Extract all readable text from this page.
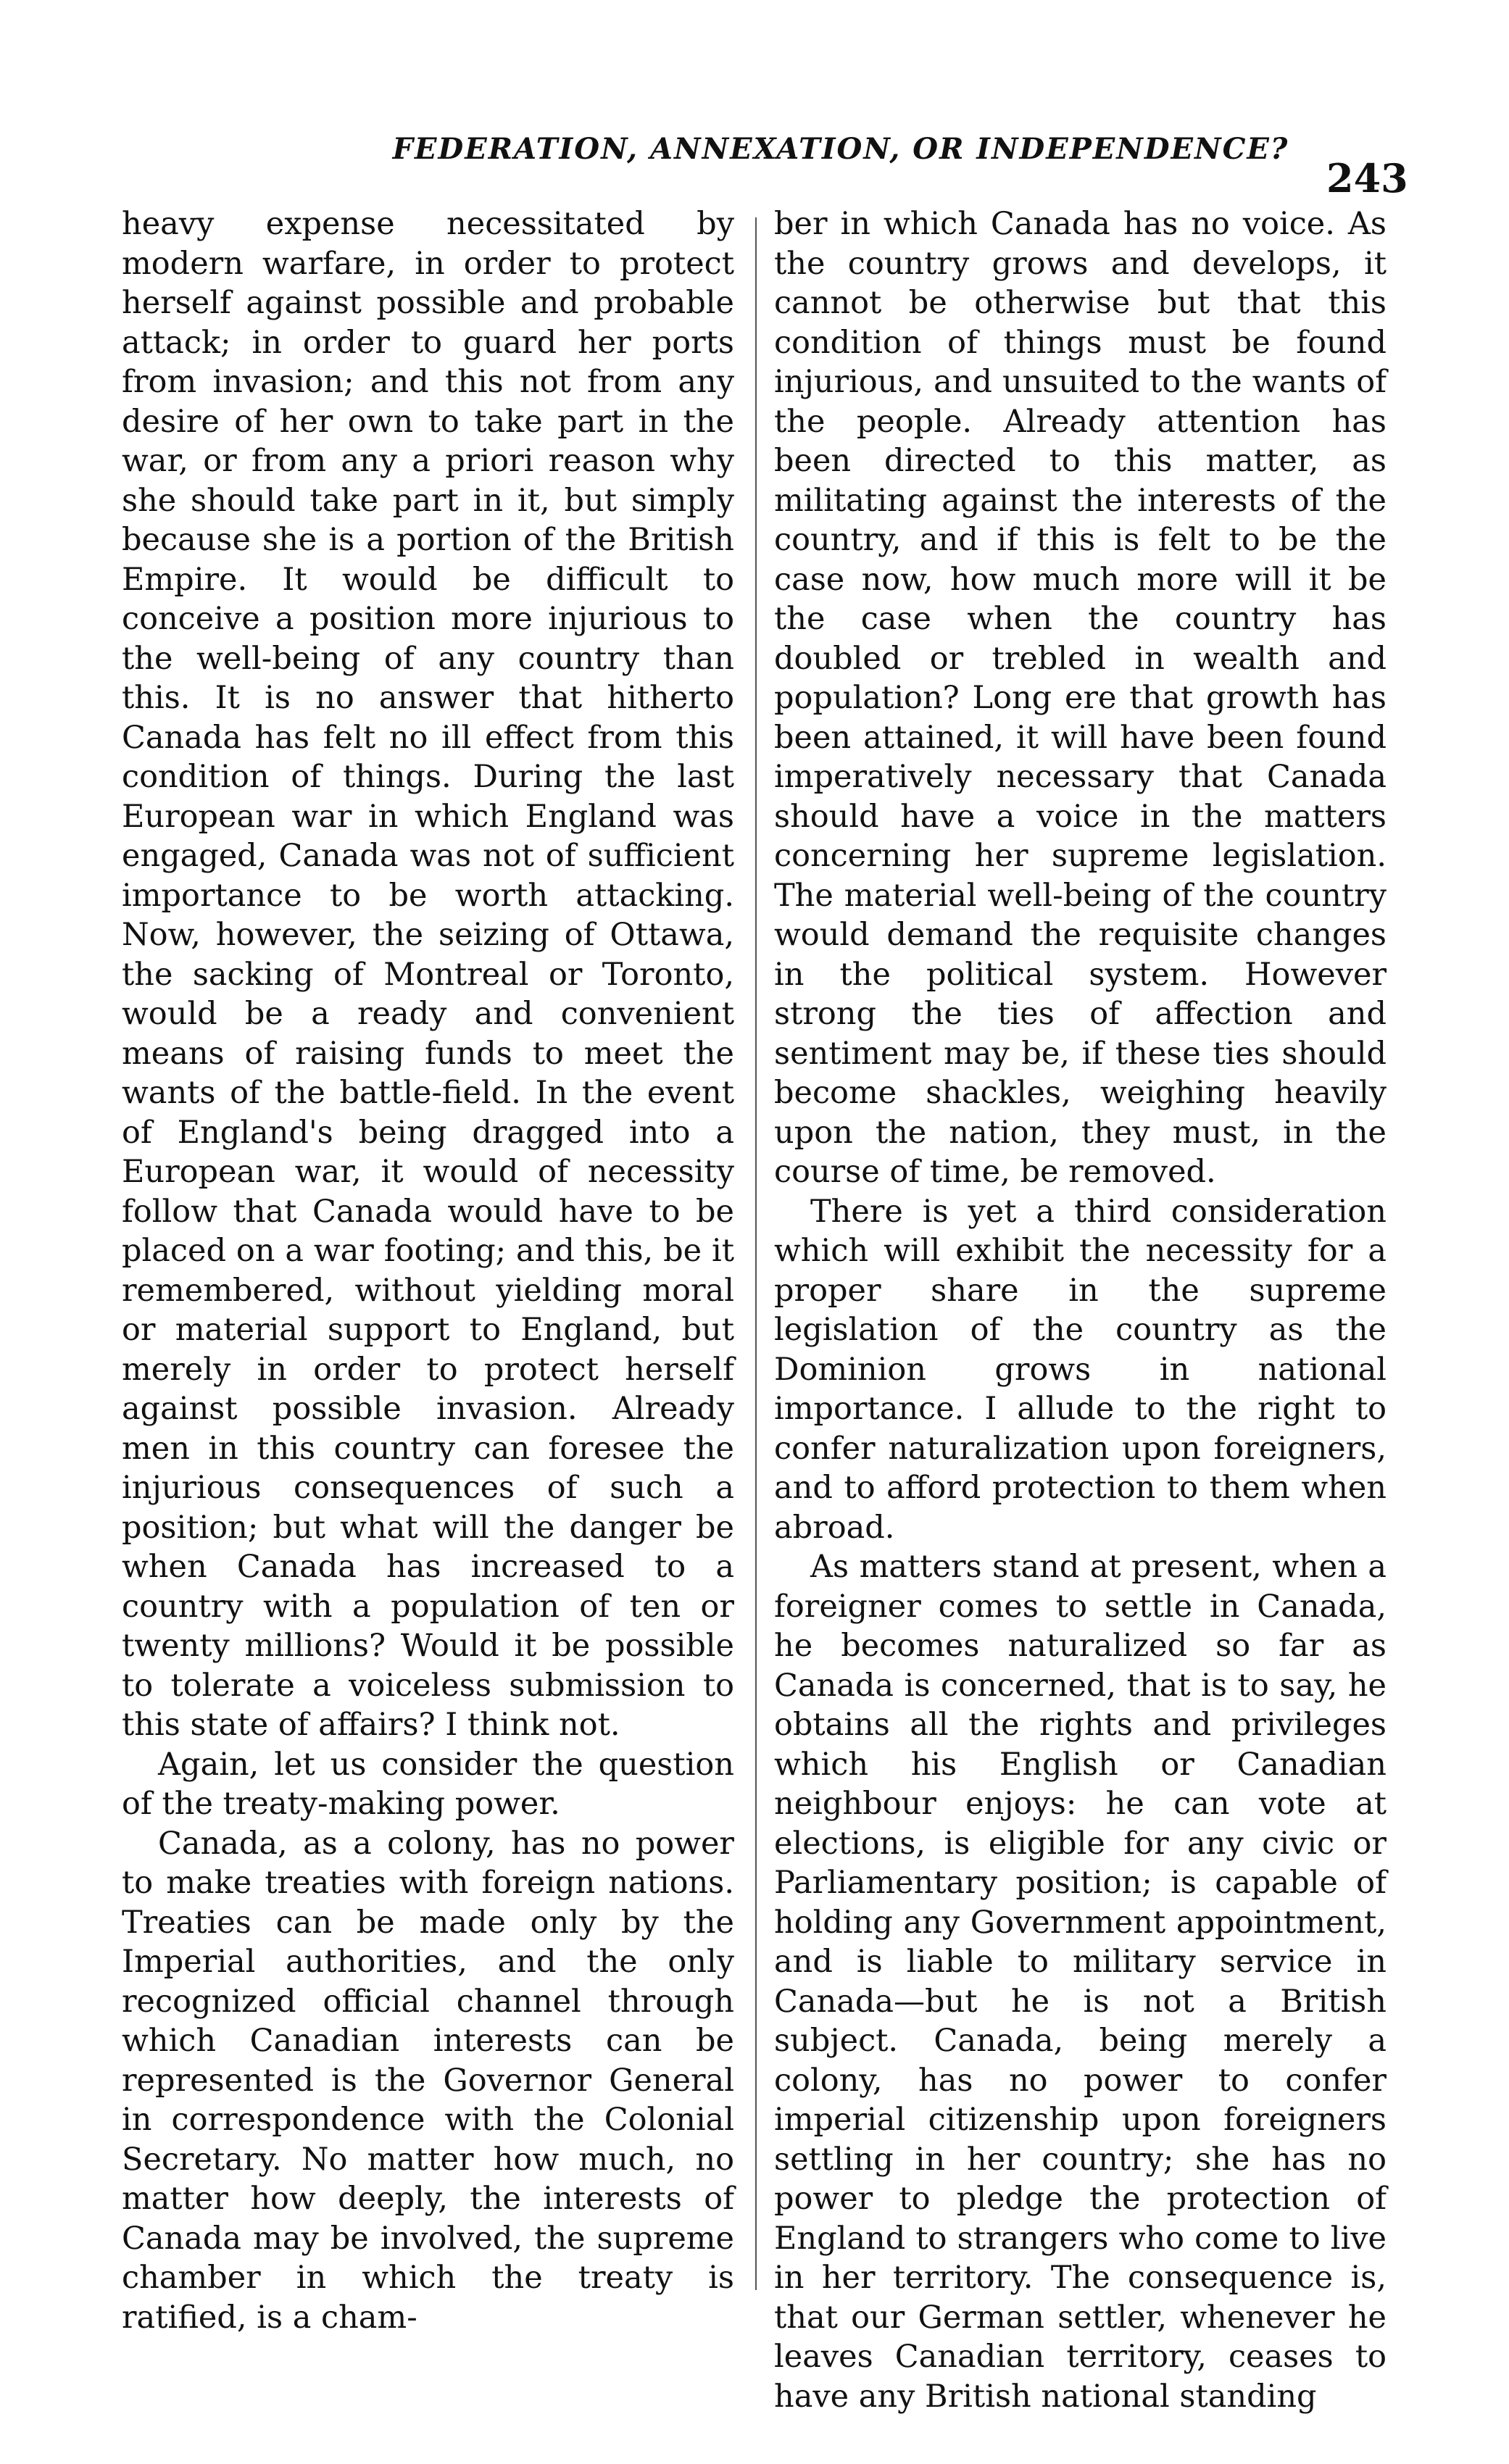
FEDERATION, ANNEXATION, OR INDEPENDENCE?
243

heavy expense necessitated by modern warfare, in order to protect herself against possible and probable attack; in order to guard her ports from invasion; and this not from any desire of her own to take part in the war, or from any a priori reason why she should take part in it, but simply because she is a portion of the British Empire. It would be difficult to conceive a position more injurious to the well-being of any country than this. It is no answer that hitherto Canada has felt no ill effect from this condition of things. During the last European war in which England was engaged, Canada was not of sufficient importance to be worth attacking. Now, however, the seizing of Ottawa, the sacking of Montreal or Toronto, would be a ready and convenient means of raising funds to meet the wants of the battle-field. In the event of England's being dragged into a European war, it would of necessity follow that Canada would have to be placed on a war footing; and this, be it remembered, without yielding moral or material support to England, but merely in order to protect herself against possible invasion. Already men in this country can foresee the injurious consequences of such a position; but what will the danger be when Canada has increased to a country with a population of ten or twenty millions? Would it be possible to tolerate a voiceless submission to this state of affairs? I think not.

Again, let us consider the question of the treaty-making power.

Canada, as a colony, has no power to make treaties with foreign nations. Treaties can be made only by the Imperial authorities, and the only recognized official channel through which Canadian interests can be represented is the Governor General in correspondence with the Colonial Secretary. No matter how much, no matter how deeply, the interests of Canada may be involved, the supreme chamber in which the treaty is ratified, is a cham-

ber in which Canada has no voice. As the country grows and develops, it cannot be otherwise but that this condition of things must be found injurious, and unsuited to the wants of the people. Already attention has been directed to this matter, as militating against the interests of the country, and if this is felt to be the case now, how much more will it be the case when the country has doubled or trebled in wealth and population? Long ere that growth has been attained, it will have been found imperatively necessary that Canada should have a voice in the matters concerning her supreme legislation. The material well-being of the country would demand the requisite changes in the political system. However strong the ties of affection and sentiment may be, if these ties should become shackles, weighing heavily upon the nation, they must, in the course of time, be removed.

There is yet a third consideration which will exhibit the necessity for a proper share in the supreme legislation of the country as the Dominion grows in national importance. I allude to the right to confer naturalization upon foreigners, and to afford protection to them when abroad.

As matters stand at present, when a foreigner comes to settle in Canada, he becomes naturalized so far as Canada is concerned, that is to say, he obtains all the rights and privileges which his English or Canadian neighbour enjoys: he can vote at elections, is eligible for any civic or Parliamentary position; is capable of holding any Government appointment, and is liable to military service in Canada—but he is not a British subject. Canada, being merely a colony, has no power to confer imperial citizenship upon foreigners settling in her country; she has no power to pledge the protection of England to strangers who come to live in her territory. The consequence is, that our German settler, whenever he leaves Canadian territory, ceases to have any British national standing
